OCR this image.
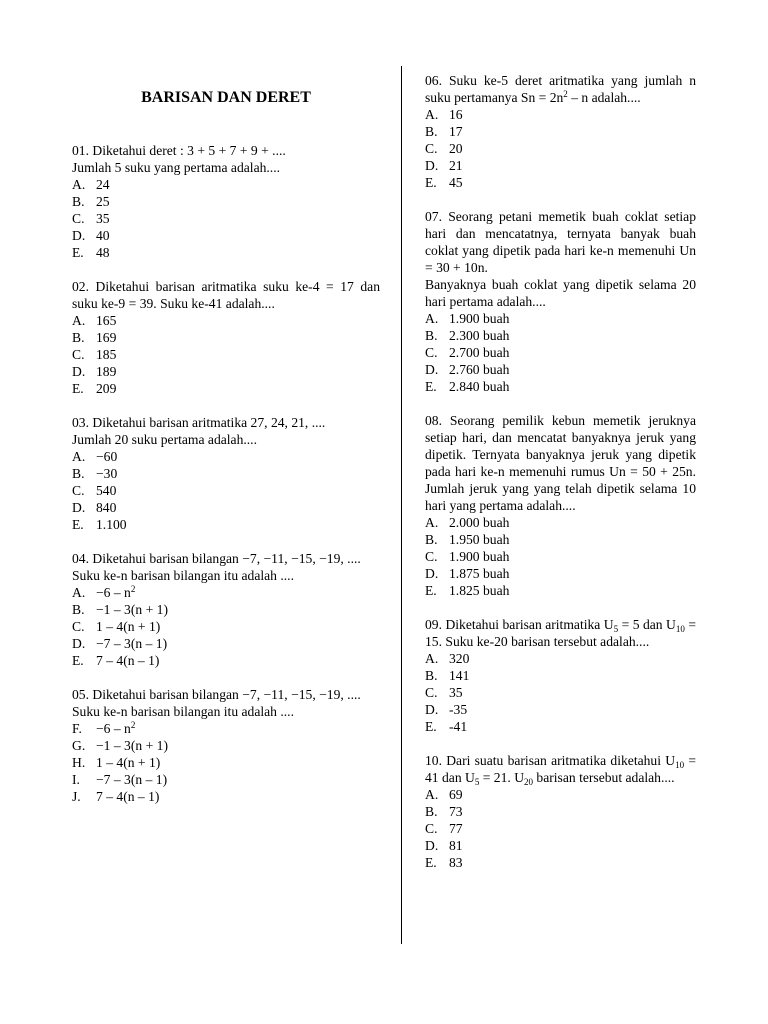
BARISAN DAN DERET
01. Diketahui deret : 3 + 5 + 7 + 9 + ....
Jumlah 5 suku yang pertama adalah....
A. 24
B. 25
C. 35
D. 40
E. 48
02. Diketahui barisan aritmatika suku ke-4 = 17 dan suku ke-9 = 39. Suku ke-41 adalah....
A. 165
B. 169
C. 185
D. 189
E. 209
03. Diketahui barisan aritmatika 27, 24, 21, ....
Jumlah 20 suku pertama adalah....
A. −60
B. −30
C. 540
D. 840
E. 1.100
04. Diketahui barisan bilangan −7, −11, −15, −19, ....
Suku ke-n barisan bilangan itu adalah ....
A. $-6 - n^2$
B. −1 – 3(n + 1)
C. 1 – 4(n + 1)
D. −7 – 3(n – 1)
E. 7 – 4(n – 1)
05. Diketahui barisan bilangan −7, −11, −15, −19, ....
Suku ke-n barisan bilangan itu adalah ....
F.	$-6 - n^2$
G. −1 – 3(n + 1)
H. 1 – 4(n + 1)
I.	−7 – 3(n – 1)
J.	7 – 4(n – 1)
06. Suku ke-5 deret aritmatika yang jumlah n suku pertamanya $Sn = 2n^2 - n$ adalah....
A. 16
B. 17
C. 20
D. 21
E. 45
07. Seorang petani memetik buah coklat setiap hari dan mencatatnya, ternyata banyak buah coklat yang dipetik pada hari ke-n memenuhi Un = 30 + 10n.
Banyaknya buah coklat yang dipetik selama 20 hari pertama adalah....
A. 1.900 buah
B. 2.300 buah
C. 2.700 buah
D. 2.760 buah
E. 2.840 buah
08. Seorang pemilik kebun memetik jeruknya setiap hari, dan mencatat banyaknya jeruk yang dipetik. Ternyata banyaknya jeruk yang dipetik pada hari ke-n memenuhi rumus Un = 50 + 25n. Jumlah jeruk yang yang telah dipetik selama 10 hari yang pertama adalah....
A. 2.000 buah
B. 1.950 buah
C. 1.900 buah
D. 1.875 buah
E. 1.825 buah
09. Diketahui barisan aritmatika $U_5 = 5$ dan $U_{10} = 15$. Suku ke-20 barisan tersebut adalah....
A. 320
B. 141
C. 35
D. -35
E. -41
10. Dari suatu barisan aritmatika diketahui $U_{10} = 41$ dan $U_5 = 21$. $U_{20}$ barisan tersebut adalah....
A. 69
B. 73
C. 77
D. 81
E. 83
